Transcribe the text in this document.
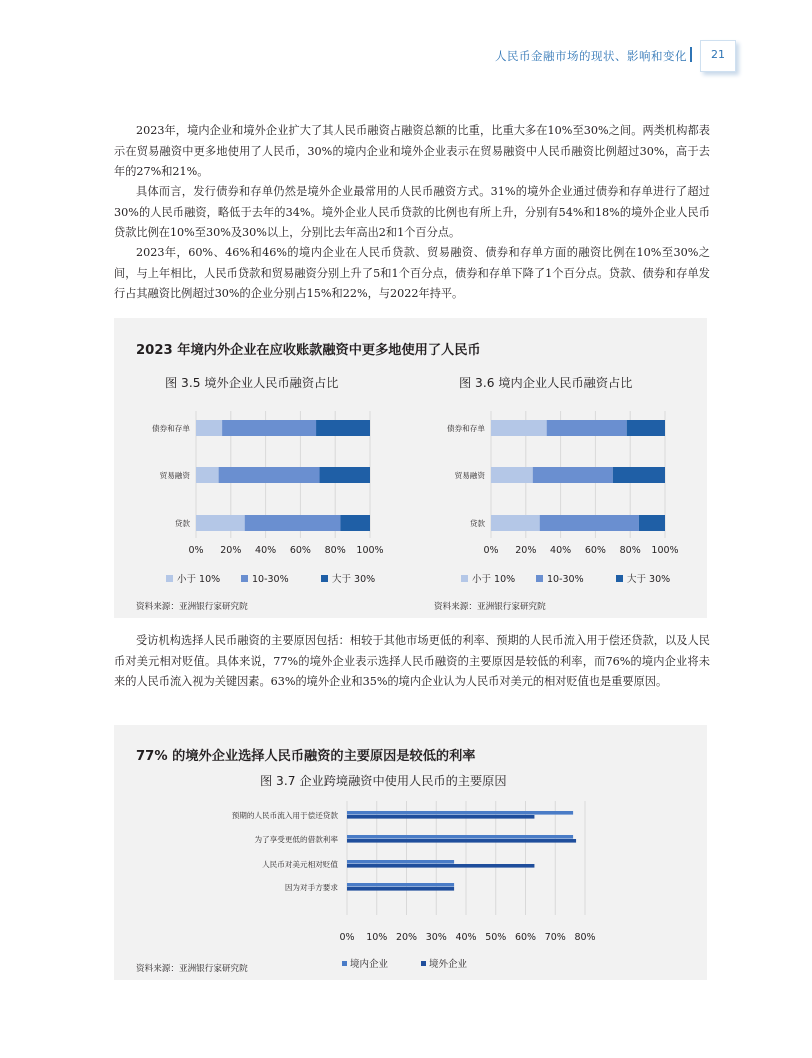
人民币金融市场的现状、影响和变化	21

2023年，境内企业和境外企业扩大了其人民币融资占融资总额的比重，比重大多在10%至30%之间。两类机构都表示在贸易融资中更多地使用了人民币，30%的境内企业和境外企业表示在贸易融资中人民币融资比例超过30%，高于去年的27%和21%。

具体而言，发行债券和存单仍然是境外企业最常用的人民币融资方式。31%的境外企业通过债券和存单进行了超过30%的人民币融资，略低于去年的34%。境外企业人民币贷款的比例也有所上升，分别有54%和18%的境外企业人民币贷款比例在10%至30%及30%以上，分别比去年高出2和1个百分点。

2023年，60%、46%和46%的境内企业在人民币贷款、贸易融资、债券和存单方面的融资比例在10%至30%之间，与上年相比，人民币贷款和贸易融资分别上升了5和1个百分点，债券和存单下降了1个百分点。贷款、债券和存单发行占其融资比例超过30%的企业分别占15%和22%，与2022年持平。

2023 年境内外企业在应收账款融资中更多地使用了人民币
图 3.5 境外企业人民币融资占比	图 3.6 境内企业人民币融资占比
0% 20% 40% 60% 80% 100%
债券和存单
贸易融资
贷款
小于 10%	10-30%	大于 30%
0% 20% 40% 60% 80% 100%
债券和存单
贸易融资
贷款
小于 10%	10-30%	大于 30%
资料来源：亚洲银行家研究院	资料来源：亚洲银行家研究院

受访机构选择人民币融资的主要原因包括：相较于其他市场更低的利率、预期的人民币流入用于偿还贷款，以及人民币对美元相对贬值。具体来说，77%的境外企业表示选择人民币融资的主要原因是较低的利率，而76%的境内企业将未来的人民币流入视为关键因素。63%的境外企业和35%的境内企业认为人民币对美元的相对贬值也是重要原因。

77% 的境外企业选择人民币融资的主要原因是较低的利率
图 3.7 企业跨境融资中使用人民币的主要原因
0% 10% 20% 30% 40% 50% 60% 70% 80%
预期的人民币流入用于偿还贷款
为了享受更低的借款利率
人民币对美元相对贬值
因为对手方要求
境内企业	境外企业
资料来源：亚洲银行家研究院
